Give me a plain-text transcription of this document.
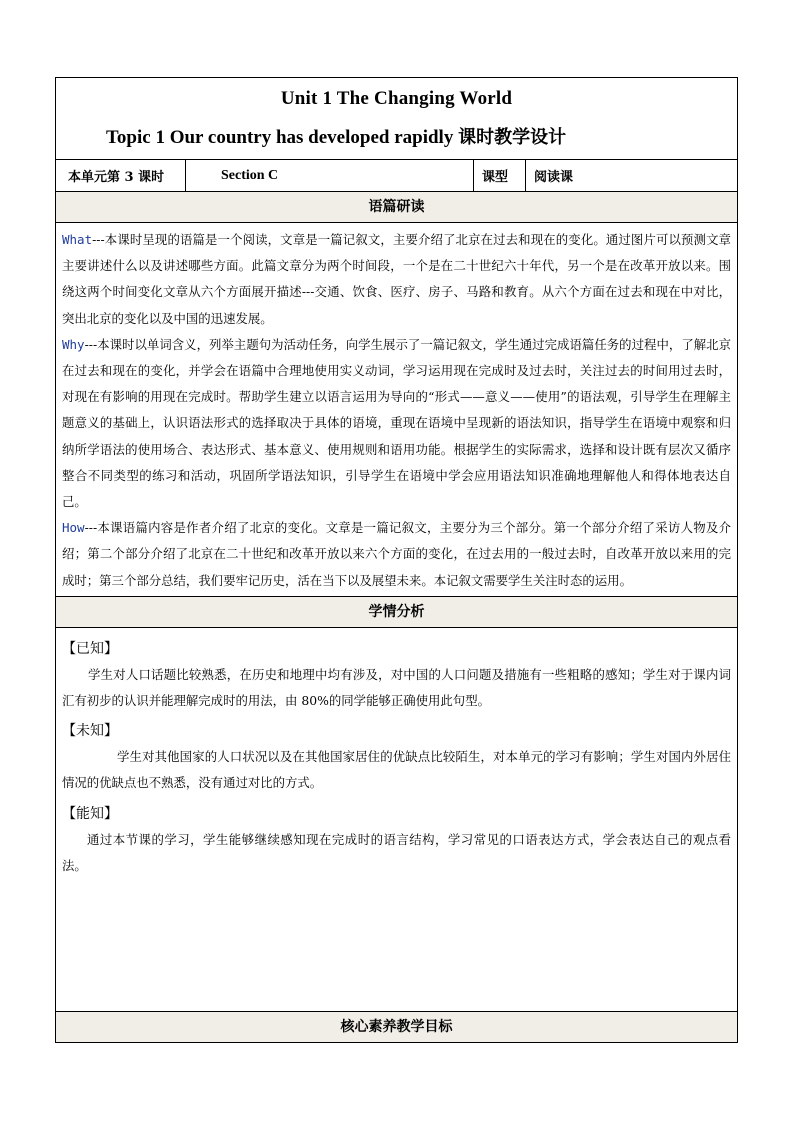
Unit 1 The Changing World
Topic 1 Our country has developed rapidly 课时教学设计
本单元第 3 课时	Section C	课型	阅读课
语篇研读

What---本课时呈现的语篇是一个阅读，文章是一篇记叙文，主要介绍了北京在过去和现在的变化。通过图片可以预测文章主要讲述什么以及讲述哪些方面。此篇文章分为两个时间段，一个是在二十世纪六十年代，另一个是在改革开放以来。围绕这两个时间变化文章从六个方面展开描述---交通、饮食、医疗、房子、马路和教育。从六个方面在过去和现在中对比，突出北京的变化以及中国的迅速发展。

Why---本课时以单词含义，列举主题句为活动任务，向学生展示了一篇记叙文，学生通过完成语篇任务的过程中，了解北京在过去和现在的变化，并学会在语篇中合理地使用实义动词，学习运用现在完成时及过去时，关注过去的时间用过去时，对现在有影响的用现在完成时。帮助学生建立以语言运用为导向的“形式——意义——使用”的语法观，引导学生在理解主题意义的基础上，认识语法形式的选择取决于具体的语境，重现在语境中呈现新的语法知识，指导学生在语境中观察和归纳所学语法的使用场合、表达形式、基本意义、使用规则和语用功能。根据学生的实际需求，选择和设计既有层次又循序整合不同类型的练习和活动，巩固所学语法知识，引导学生在语境中学会应用语法知识准确地理解他人和得体地表达自己。

How---本课语篇内容是作者介绍了北京的变化。文章是一篇记叙文，主要分为三个部分。第一个部分介绍了采访人物及介绍；第二个部分介绍了北京在二十世纪和改革开放以来六个方面的变化，在过去用的一般过去时，自改革开放以来用的完成时；第三个部分总结，我们要牢记历史，活在当下以及展望未来。本记叙文需要学生关注时态的运用。

学情分析

【已知】

学生对人口话题比较熟悉，在历史和地理中均有涉及，对中国的人口问题及措施有一些粗略的感知；学生对于课内词汇有初步的认识并能理解完成时的用法，由 80%的同学能够正确使用此句型。

【未知】

学生对其他国家的人口状况以及在其他国家居住的优缺点比较陌生，对本单元的学习有影响；学生对国内外居住情况的优缺点也不熟悉，没有通过对比的方式。

【能知】

通过本节课的学习，学生能够继续感知现在完成时的语言结构，学习常见的口语表达方式，学会表达自己的观点看法。

核心素养教学目标
